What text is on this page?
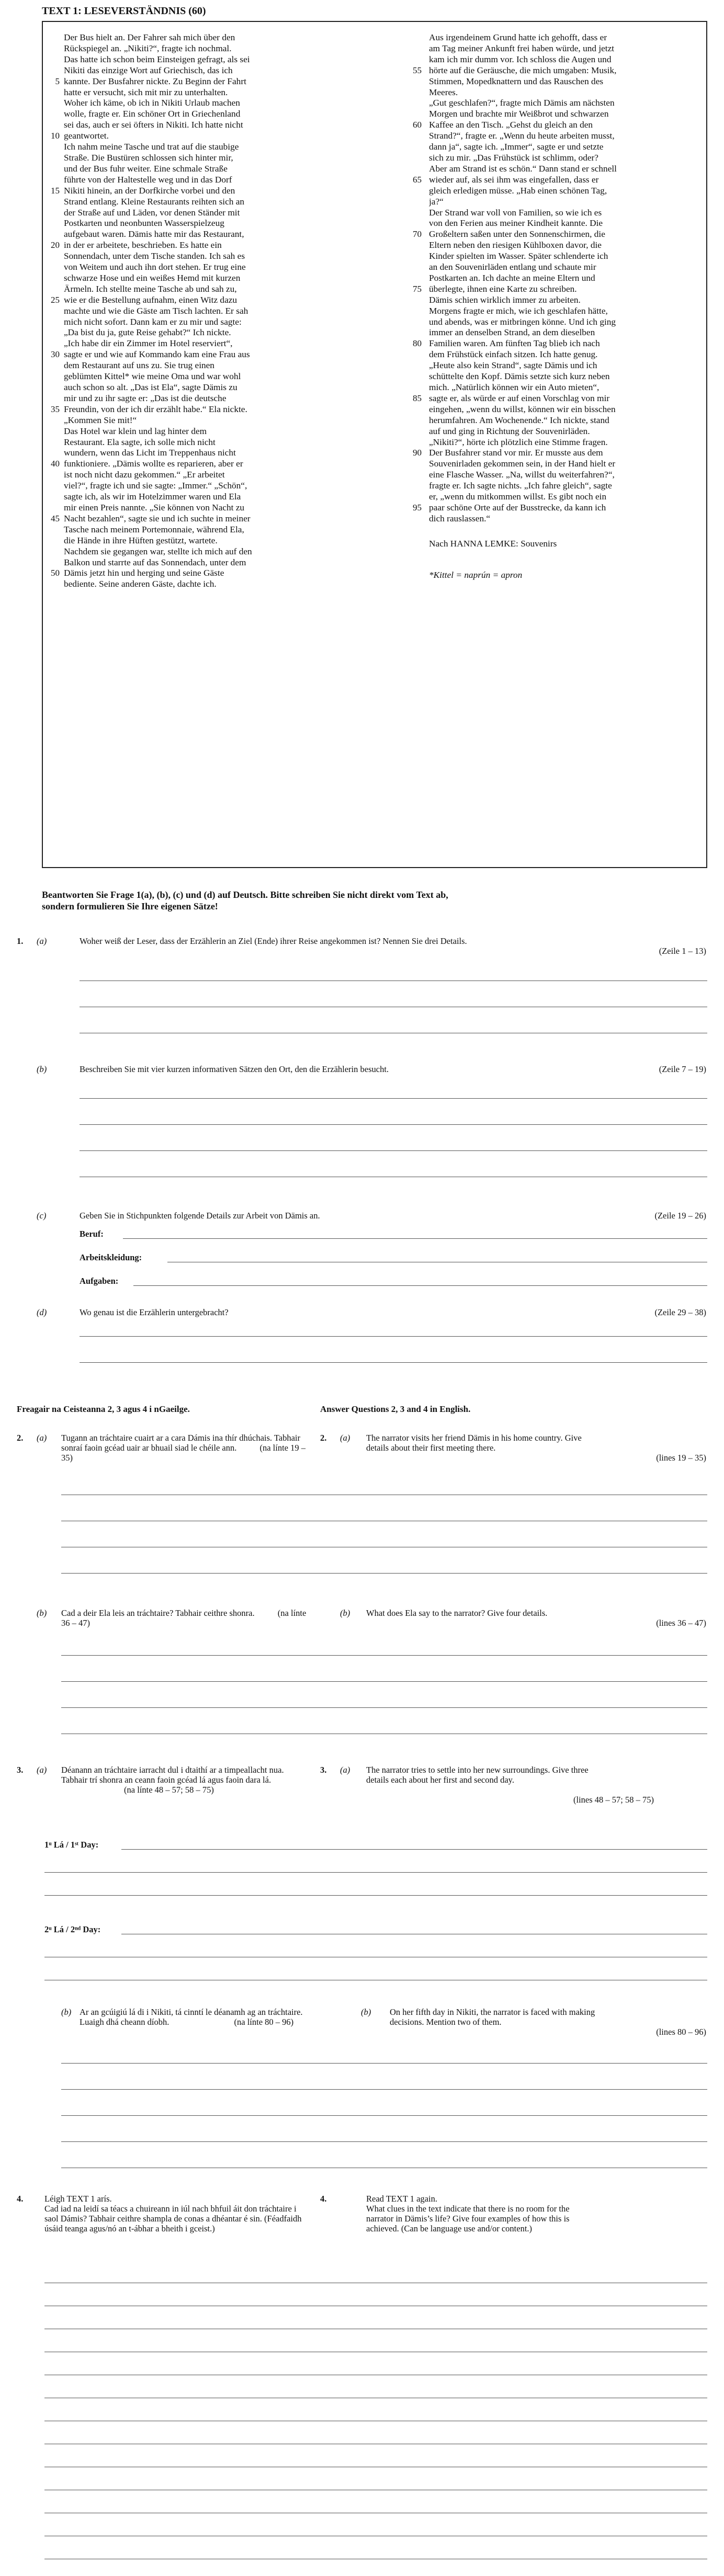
TEXT 1: LESEVERSTÄNDNIS (60)
Der Bus hielt an. Der Fahrer sah mich über den
Rückspiegel an. „Nikiti?“, fragte ich nochmal.
Das hatte ich schon beim Einsteigen gefragt, als sei
Nikiti das einzige Wort auf Griechisch, das ich
kannte. Der Busfahrer nickte. Zu Beginn der Fahrt
hatte er versucht, sich mit mir zu unterhalten.
Woher ich käme, ob ich in Nikiti Urlaub machen
wolle, fragte er. Ein schöner Ort in Griechenland
sei das, auch er sei öfters in Nikiti. Ich hatte nicht
geantwortet.
Ich nahm meine Tasche und trat auf die staubige
Straße. Die Bustüren schlossen sich hinter mir,
und der Bus fuhr weiter. Eine schmale Straße
führte von der Haltestelle weg und in das Dorf
Nikiti hinein, an der Dorfkirche vorbei und den
Strand entlang. Kleine Restaurants reihten sich an
der Straße auf und Läden, vor denen Ständer mit
Postkarten und neonbunten Wasserspielzeug
aufgebaut waren. Dämis hatte mir das Restaurant,
in der er arbeitete, beschrieben. Es hatte ein
Sonnendach, unter dem Tische standen. Ich sah es
von Weitem und auch ihn dort stehen. Er trug eine
schwarze Hose und ein weißes Hemd mit kurzen
Ärmeln. Ich stellte meine Tasche ab und sah zu,
wie er die Bestellung aufnahm, einen Witz dazu
machte und wie die Gäste am Tisch lachten. Er sah
mich nicht sofort. Dann kam er zu mir und sagte:
„Da bist du ja, gute Reise gehabt?“ Ich nickte.
„Ich habe dir ein Zimmer im Hotel reserviert“,
sagte er und wie auf Kommando kam eine Frau aus
dem Restaurant auf uns zu. Sie trug einen
geblümten Kittel* wie meine Oma und war wohl
auch schon so alt. „Das ist Ela“, sagte Dämis zu
mir und zu ihr sagte er: „Das ist die deutsche
Freundin, von der ich dir erzählt habe.“ Ela nickte.
„Kommen Sie mit!“
Das Hotel war klein und lag hinter dem
Restaurant. Ela sagte, ich solle mich nicht
wundern, wenn das Licht im Treppenhaus nicht
funktioniere. „Dämis wollte es reparieren, aber er
ist noch nicht dazu gekommen.“ „Er arbeitet
viel?“, fragte ich und sie sagte: „Immer.“ „Schön“,
sagte ich, als wir im Hotelzimmer waren und Ela
mir einen Preis nannte. „Sie können von Nacht zu
Nacht bezahlen“, sagte sie und ich suchte in meiner
Tasche nach meinem Portemonnaie, während Ela,
die Hände in ihre Hüften gestützt, wartete.
Nachdem sie gegangen war, stellte ich mich auf den
Balkon und starrte auf das Sonnendach, unter dem
Dämis jetzt hin und herging und seine Gäste
bediente. Seine anderen Gäste, dachte ich.
Aus irgendeinem Grund hatte ich gehofft, dass er
am Tag meiner Ankunft frei haben würde, und jetzt
kam ich mir dumm vor. Ich schloss die Augen und
hörte auf die Geräusche, die mich umgaben: Musik,
Stimmen, Mopedknattern und das Rauschen des
Meeres.
„Gut geschlafen?“, fragte mich Dämis am nächsten
Morgen und brachte mir Weißbrot und schwarzen
Kaffee an den Tisch. „Gehst du gleich an den
Strand?“, fragte er. „Wenn du heute arbeiten musst,
dann ja“, sagte ich. „Immer“, sagte er und setzte
sich zu mir. „Das Frühstück ist schlimm, oder?
Aber am Strand ist es schön.“ Dann stand er schnell
wieder auf, als sei ihm was eingefallen, dass er
gleich erledigen müsse. „Hab einen schönen Tag,
ja?“
Der Strand war voll von Familien, so wie ich es
von den Ferien aus meiner Kindheit kannte. Die
Großeltern saßen unter den Sonnenschirmen, die
Eltern neben den riesigen Kühlboxen davor, die
Kinder spielten im Wasser. Später schlenderte ich
an den Souvenirläden entlang und schaute mir
Postkarten an. Ich dachte an meine Eltern und
überlegte, ihnen eine Karte zu schreiben.
Dämis schien wirklich immer zu arbeiten.
Morgens fragte er mich, wie ich geschlafen hätte,
und abends, was er mitbringen könne. Und ich ging
immer an denselben Strand, an dem dieselben
Familien waren. Am fünften Tag blieb ich nach
dem Frühstück einfach sitzen. Ich hatte genug.
„Heute also kein Strand“, sagte Dämis und ich
schüttelte den Kopf. Dämis setzte sich kurz neben
mich. „Natürlich können wir ein Auto mieten“,
sagte er, als würde er auf einen Vorschlag von mir
eingehen, „wenn du willst, können wir ein bisschen
herumfahren. Am Wochenende.“ Ich nickte, stand
auf und ging in Richtung der Souvenirläden.
„Nikiti?“, hörte ich plötzlich eine Stimme fragen.
Der Busfahrer stand vor mir. Er musste aus dem
Souvenirladen gekommen sein, in der Hand hielt er
eine Flasche Wasser. „Na, willst du weiterfahren?“,
fragte er. Ich sagte nichts. „Ich fahre gleich“, sagte
er, „wenn du mitkommen willst. Es gibt noch ein
paar schöne Orte auf der Busstrecke, da kann ich
dich rauslassen.“
5
10
15
20
25
30
35
40
45
50
55
60
65
70
75
80
85
90
95
Nach HANNA LEMKE: Souvenirs
*Kittel = naprún = apron
Beantworten Sie Frage 1(a), (b), (c) und (d) auf Deutsch. Bitte schreiben Sie nicht direkt vom Text ab,
sondern formulieren Sie Ihre eigenen Sätze!
1. (a)	Woher weiß der Leser, dass der Erzählerin an Ziel (Ende) ihrer Reise angekommen ist? Nennen Sie drei Details.
(Zeile 1 – 13)
(b)	Beschreiben Sie mit vier kurzen informativen Sätzen den Ort, den die Erzählerin besucht.	(Zeile 7 – 19)
(c)	Geben Sie in Stichpunkten folgende Details zur Arbeit von Dämis an.	(Zeile 19 – 26)
Beruf:
Arbeitskleidung:
Aufgaben:
(d)	Wo genau ist die Erzählerin untergebracht?	(Zeile 29 – 38)
Freagair na Ceisteanna 2, 3 agus 4 i nGaeilge.	Answer Questions 2, 3 and 4 in English.
2. (a) Tugann an tráchtaire cuairt ar a cara Dámis ina thír dhúchais. Tabhair sonraí faoin gcéad uair ar bhuail siad le chéile ann.	(na línte 19 – 35)
2. (a) The narrator visits her friend Dämis in his home country. Give details about their first meeting there.
(lines 19 – 35)
(b) Cad a deir Ela leis an tráchtaire? Tabhair ceithre shonra.	(na línte 36 – 47)
(b) What does Ela say to the narrator? Give four details.
(lines 36 – 47)
3. (a) Déanann an tráchtaire iarracht dul i dtaithí ar a timpeallacht nua. Tabhair trí shonra an ceann faoin gcéad lá agus faoin dara lá. (na línte 48 – 57; 58 – 75)
3. (a) The narrator tries to settle into her new surroundings. Give three details each about her first and second day.
(lines 48 – 57; 58 – 75)
1ᵘ Lá / 1ˢᵗ Day:
2ᵘ Lá / 2ⁿᵈ Day:
(b) Ar an gcúigiú lá di i Nikiti, tá cinntí le déanamh ag an tráchtaire. Luaigh dhá cheann díobh.	(na línte 80 – 96)
(b) On her fifth day in Nikiti, the narrator is faced with making decisions. Mention two of them.
(lines 80 – 96)
4. Léigh TEXT 1 arís.
Cad iad na leidí sa téacs a chuireann in iúl nach bhfuil áit don tráchtaire i saol Dámis? Tabhair ceithre shampla de conas a dhéantar é sin. (Féadfaidh úsáid teanga agus/nó an t-ábhar a bheith i gceist.)
4.	Read TEXT 1 again.
What clues in the text indicate that there is no room for the narrator in Dämis’s life? Give four examples of how this is achieved. (Can be language use and/or content.)
